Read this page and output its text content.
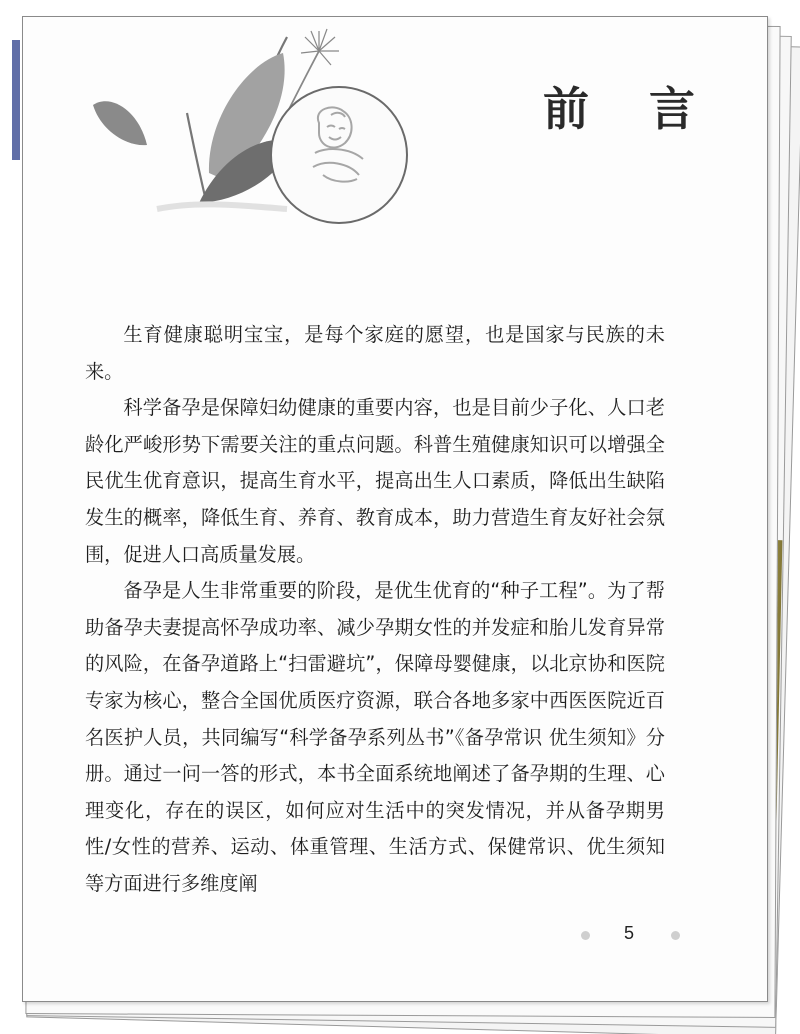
前 言

生育健康聪明宝宝，是每个家庭的愿望，也是国家与民族的未来。

科学备孕是保障妇幼健康的重要内容，也是目前少子化、人口老龄化严峻形势下需要关注的重点问题。科普生殖健康知识可以增强全民优生优育意识，提高生育水平，提高出生人口素质，降低出生缺陷发生的概率，降低生育、养育、教育成本，助力营造生育友好社会氛围，促进人口高质量发展。

备孕是人生非常重要的阶段，是优生优育的“种子工程”。为了帮助备孕夫妻提高怀孕成功率、减少孕期女性的并发症和胎儿发育异常的风险，在备孕道路上“扫雷避坑”，保障母婴健康，以北京协和医院专家为核心，整合全国优质医疗资源，联合各地多家中西医医院近百名医护人员，共同编写“科学备孕系列丛书”《备孕常识 优生须知》分册。通过一问一答的形式，本书全面系统地阐述了备孕期的生理、心理变化，存在的误区，如何应对生活中的突发情况，并从备孕期男性/女性的营养、运动、体重管理、生活方式、保健常识、优生须知等方面进行多维度阐

5
